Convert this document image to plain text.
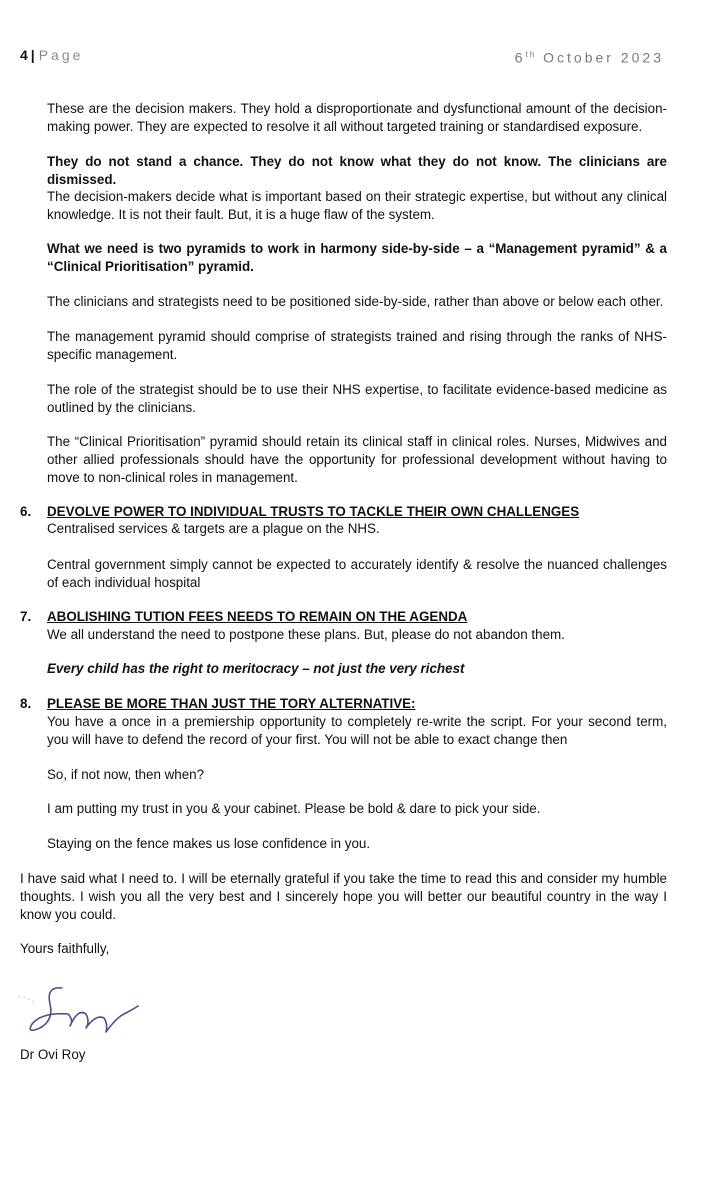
4 | Page	6th October 2023

These are the decision makers. They hold a disproportionate and dysfunctional amount of the decision-making power. They are expected to resolve it all without targeted training or standardised exposure.

They do not stand a chance. They do not know what they do not know. The clinicians are dismissed.

The decision-makers decide what is important based on their strategic expertise, but without any clinical knowledge. It is not their fault. But, it is a huge flaw of the system.

What we need is two pyramids to work in harmony side-by-side – a “Management pyramid” & a “Clinical Prioritisation” pyramid.

The clinicians and strategists need to be positioned side-by-side, rather than above or below each other.

The management pyramid should comprise of strategists trained and rising through the ranks of NHS-specific management.

The role of the strategist should be to use their NHS expertise, to facilitate evidence-based medicine as outlined by the clinicians.

The “Clinical Prioritisation” pyramid should retain its clinical staff in clinical roles. Nurses, Midwives and other allied professionals should have the opportunity for professional development without having to move to non-clinical roles in management.

6. DEVOLVE POWER TO INDIVIDUAL TRUSTS TO TACKLE THEIR OWN CHALLENGES

Centralised services & targets are a plague on the NHS.

Central government simply cannot be expected to accurately identify & resolve the nuanced challenges of each individual hospital

7. ABOLISHING TUTION FEES NEEDS TO REMAIN ON THE AGENDA

We all understand the need to postpone these plans. But, please do not abandon them.

Every child has the right to meritocracy – not just the very richest

8. PLEASE BE MORE THAN JUST THE TORY ALTERNATIVE:

You have a once in a premiership opportunity to completely re-write the script. For your second term, you will have to defend the record of your first. You will not be able to exact change then

So, if not now, then when?

I am putting my trust in you & your cabinet. Please be bold & dare to pick your side.

Staying on the fence makes us lose confidence in you.

I have said what I need to. I will be eternally grateful if you take the time to read this and consider my humble thoughts. I wish you all the very best and I sincerely hope you will better our beautiful country in the way I know you could.

Yours faithfully,

Dr Ovi Roy
